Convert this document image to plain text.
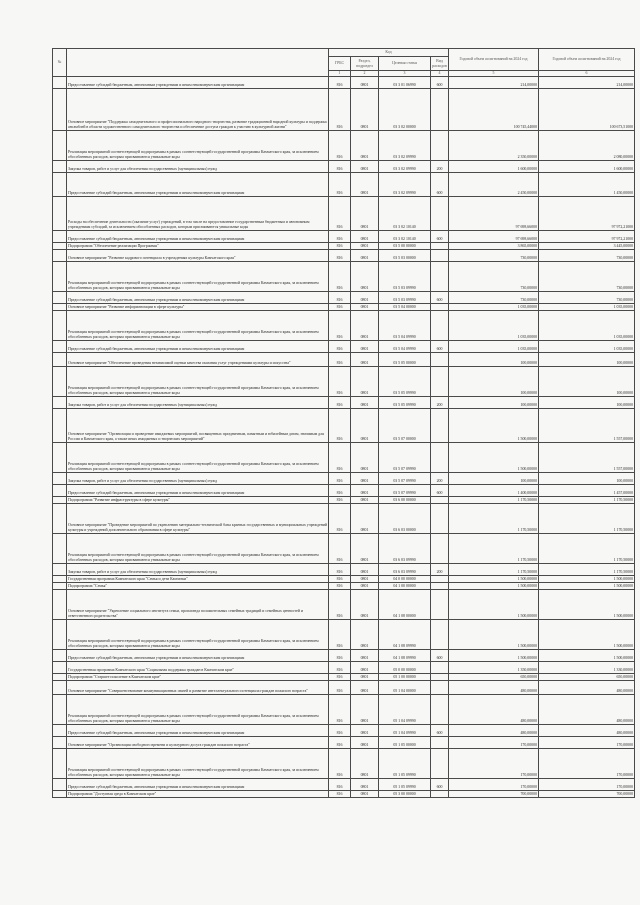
№		Код				Годовой объем ассигнований на 2024 год	Годовой объем ассигнований на 2024 год
		ГРБС	Раздел, подраздел	Целевая статья	Вид расходов		
		1	2	3	4	5	6
	Предоставление субсидий бюджетным, автономным учреждениям и иным некоммерческим организациям	816	0801	03 3 01 06990	600	214,00000	214,00000
	Основное мероприятие "Поддержка самодеятельного и профессионального народного творчества, развитие традиционной народной культуры и поддержка ансамблей в области художественного самодеятельного творчества и обеспечение доступа граждан к участию в культурной жизни"	816	0801	03 3 02 00000		100 745,44000	100 673,51000
	Реализация мероприятий соответствующей подпрограммы в рамках соответствующей государственной программы Камчатского края, за исключением обособленных расходов, которым присваиваются уникальные коды	816	0801	03 3 02 09990		2 350,00000	2 080,00000
	Закупка товаров, работ и услуг для обеспечения государственных (муниципальных) нужд	816	0801	03 3 02 09990	200	1 600,00000	1 600,00000
	Предоставление субсидий бюджетным, автономным учреждениям и иным некоммерческим организациям	816	0801	03 3 02 09990	600	2 450,00000	1 450,00000
	Расходы на обеспечение деятельности (оказание услуг) учреждений, в том числе на предоставление государственным бюджетным и автономным учреждениям субсидий, за исключением обособленных расходов, которым присваиваются уникальные коды	816	0801	03 3 02 10140		97 698,66000	97 972,21000
	Предоставление субсидий бюджетным, автономным учреждениям и иным некоммерческим организациям	816	0801	03 3 02 10140	600	97 698,66000	97 972,21000
	Подпрограмма "Обеспечение реализации Программы"	816	0801	03 5 00 00000		3 865,00000	3 445,00000
	Основное мероприятие "Развитие кадрового потенциала в учреждениях культуры Камчатского края"	816	0801	03 5 03 00000		730,00000	730,00000
	Реализация мероприятий соответствующей подпрограммы в рамках соответствующей государственной программы Камчатского края, за исключением обособленных расходов, которым присваиваются уникальные коды	816	0801	03 5 03 09990		730,00000	730,00000
	Предоставление субсидий бюджетным, автономным учреждениям и иным некоммерческим организациям	816	0801	03 5 03 09990	600	730,00000	730,00000
	Основное мероприятие "Развитие информатизации в сфере культуры"	816	0801	03 5 04 00000		1 035,00000	1 035,00000
	Реализация мероприятий соответствующей подпрограммы в рамках соответствующей государственной программы Камчатского края, за исключением обособленных расходов, которым присваиваются уникальные коды	816	0801	03 5 04 09990		1 035,00000	1 035,00000
	Предоставление субсидий бюджетным, автономным учреждениям и иным некоммерческим организациям	816	0801	03 5 04 09990	600	1 035,00000	1 035,00000
	Основное мероприятие "Обеспечение проведения независимой оценки качества оказания услуг учреждениями культуры и искусства"	816	0801	03 5 05 00000		100,00000	100,00000
	Реализация мероприятий соответствующей подпрограммы в рамках соответствующей государственной программы Камчатского края, за исключением обособленных расходов, которым присваиваются уникальные коды	816	0801	03 5 05 09990		100,00000	100,00000
	Закупка товаров, работ и услуг для обеспечения государственных (муниципальных) нужд	816	0801	03 5 05 09990	200	100,00000	100,00000
	Основное мероприятие "Организация и проведение имиджевых мероприятий, посвященных праздничным, памятным и юбилейным датам, значимым для России и Камчатского края, а также иных имиджевых и творческих мероприятий"	816	0801	03 5 07 00000		1 500,00000	1 557,00000
	Реализация мероприятий соответствующей подпрограммы в рамках соответствующей государственной программы Камчатского края, за исключением обособленных расходов, которым присваиваются уникальные коды	816	0801	03 5 07 09990		1 500,00000	1 557,00000
	Закупка товаров, работ и услуг для обеспечения государственных (муниципальных) нужд	816	0801	03 5 07 09990	200	100,00000	100,00000
	Предоставление субсидий бюджетным, автономным учреждениям и иным некоммерческим организациям	816	0801	03 5 07 09990	600	1 400,00000	1 457,00000
	Подпрограмма "Развитие инфраструктуры в сфере культуры"	816	0801	03 6 00 00000		1 170,50000	1 170,50000
	Основное мероприятие "Проведение мероприятий по укреплению материально-технической базы краевых государственных и муниципальных учреждений культуры и учреждений дополнительного образования в сфере культуры"	816	0801	03 6 03 00000		1 170,50000	1 170,50000
	Реализация мероприятий соответствующей подпрограммы в рамках соответствующей государственной программы Камчатского края, за исключением обособленных расходов, которым присваиваются уникальные коды	816	0801	03 6 03 09990		1 170,50000	1 170,50000
	Закупка товаров, работ и услуг для обеспечения государственных (муниципальных) нужд	816	0801	03 6 03 09990	200	1 170,50000	1 170,50000
	Государственная программа Камчатского края "Семья и дети Камчатки"	816	0801	04 0 00 00000		1 500,00000	1 500,00000
	Подпрограмма "Семья"	816	0801	04 1 00 00000		1 500,00000	1 500,00000
	Основное мероприятие "Укрепление социального института семьи, пропаганда положительных семейных традиций и семейных ценностей и ответственного родительства"	816	0801	04 1 08 00000		1 500,00000	1 500,00000
	Реализация мероприятий соответствующей подпрограммы в рамках соответствующей государственной программы Камчатского края, за исключением обособленных расходов, которым присваиваются уникальные коды	816	0801	04 1 08 09990		1 500,00000	1 500,00000
	Предоставление субсидий бюджетным, автономным учреждениям и иным некоммерческим организациям	816	0801	04 1 08 09990	600	1 500,00000	1 500,00000
	Государственная программа Камчатского края "Социальная поддержка граждан в Камчатском крае"	816	0801	05 0 00 00000		1 350,00000	1 330,00000
	Подпрограмма "Старшее поколение в Камчатском крае"	816	0801	05 1 00 00000		650,00000	650,00000
	Основное мероприятие "Совершенствование коммуникационных связей и развитие интеллектуального потенциала граждан пожилого возраста"	816	0801	05 1 04 00000		480,00000	480,00000
	Реализация мероприятий соответствующей подпрограммы в рамках соответствующей государственной программы Камчатского края, за исключением обособленных расходов, которым присваиваются уникальные коды	816	0801	05 1 04 09990		480,00000	480,00000
	Предоставление субсидий бюджетным, автономным учреждениям и иным некоммерческим организациям	816	0801	05 1 04 09990	600	480,00000	480,00000
	Основное мероприятие "Организация свободного времени и культурного досуга граждан пожилого возраста"	816	0801	05 1 05 00000		170,00000	170,00000
	Реализация мероприятий соответствующей подпрограммы в рамках соответствующей государственной программы Камчатского края, за исключением обособленных расходов, которым присваиваются уникальные коды	816	0801	05 1 05 09990		170,00000	170,00000
	Предоставление субсидий бюджетным, автономным учреждениям и иным некоммерческим организациям	816	0801	05 1 05 09990	600	170,00000	170,00000
	Подпрограмма "Доступная среда в Камчатском крае"	816	0801	05 3 00 00000		700,00000	700,00000
